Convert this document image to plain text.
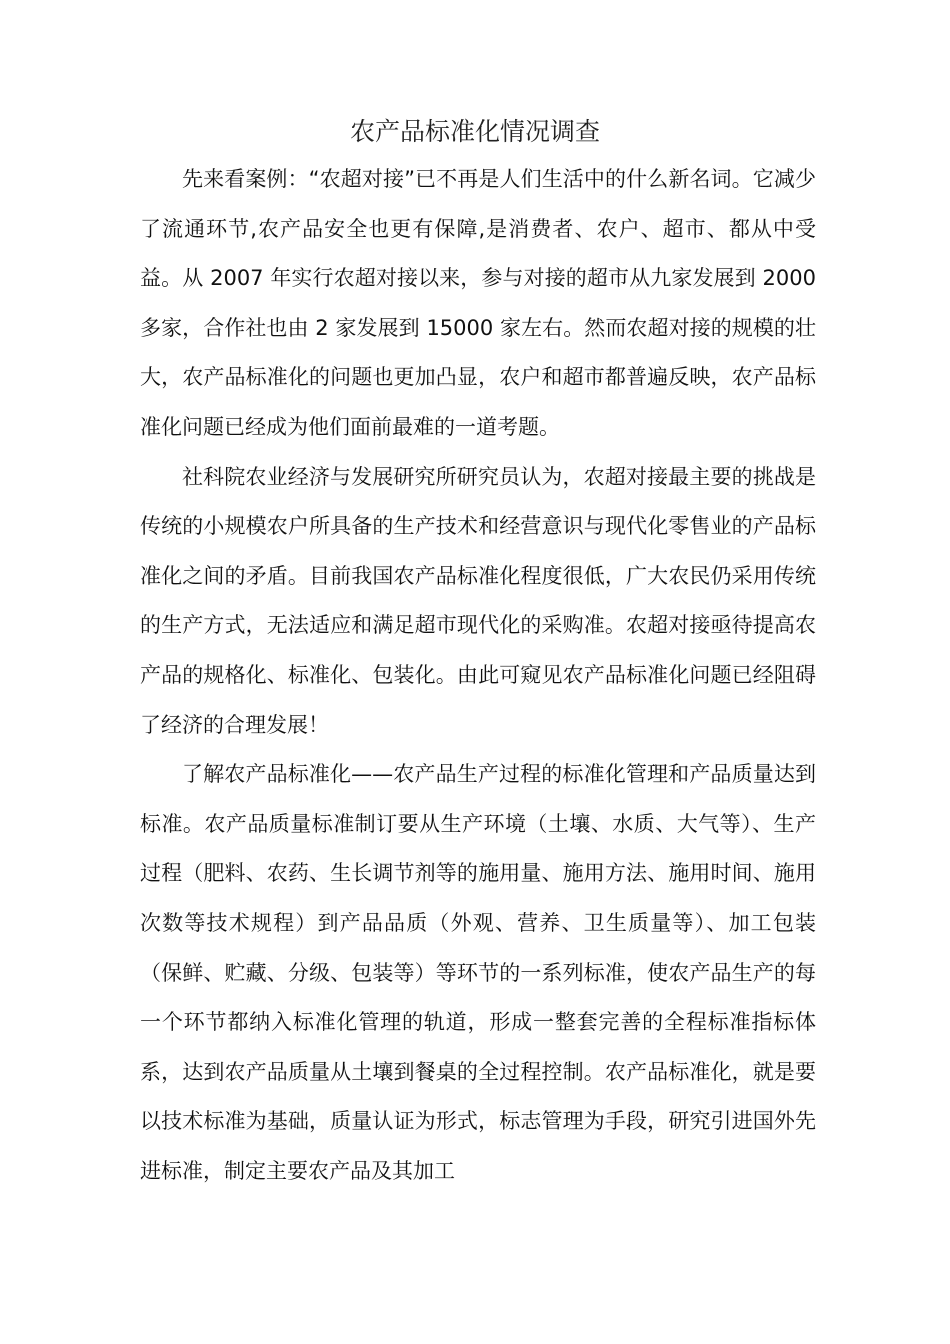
农产品标准化情况调查

先来看案例：“农超对接”已不再是人们生活中的什么新名词。它减少了流通环节,农产品安全也更有保障,是消费者、农户、超市、都从中受益。从 2007 年实行农超对接以来，参与对接的超市从九家发展到 2000 多家，合作社也由 2 家发展到 15000 家左右。然而农超对接的规模的壮大，农产品标准化的问题也更加凸显，农户和超市都普遍反映，农产品标准化问题已经成为他们面前最难的一道考题。

社科院农业经济与发展研究所研究员认为，农超对接最主要的挑战是传统的小规模农户所具备的生产技术和经营意识与现代化零售业的产品标准化之间的矛盾。目前我国农产品标准化程度很低，广大农民仍采用传统的生产方式，无法适应和满足超市现代化的采购准。农超对接亟待提高农产品的规格化、标准化、包装化。由此可窥见农产品标准化问题已经阻碍了经济的合理发展！

了解农产品标准化——农产品生产过程的标准化管理和产品质量达到标准。农产品质量标准制订要从生产环境（土壤、水质、大气等）、生产过程（肥料、农药、生长调节剂等的施用量、施用方法、施用时间、施用次数等技术规程）到产品品质（外观、营养、卫生质量等）、加工包装（保鲜、贮藏、分级、包装等）等环节的一系列标准，使农产品生产的每一个环节都纳入标准化管理的轨道，形成一整套完善的全程标准指标体系，达到农产品质量从土壤到餐桌的全过程控制。农产品标准化，就是要以技术标准为基础，质量认证为形式，标志管理为手段，研究引进国外先进标准，制定主要农产品及其加工
